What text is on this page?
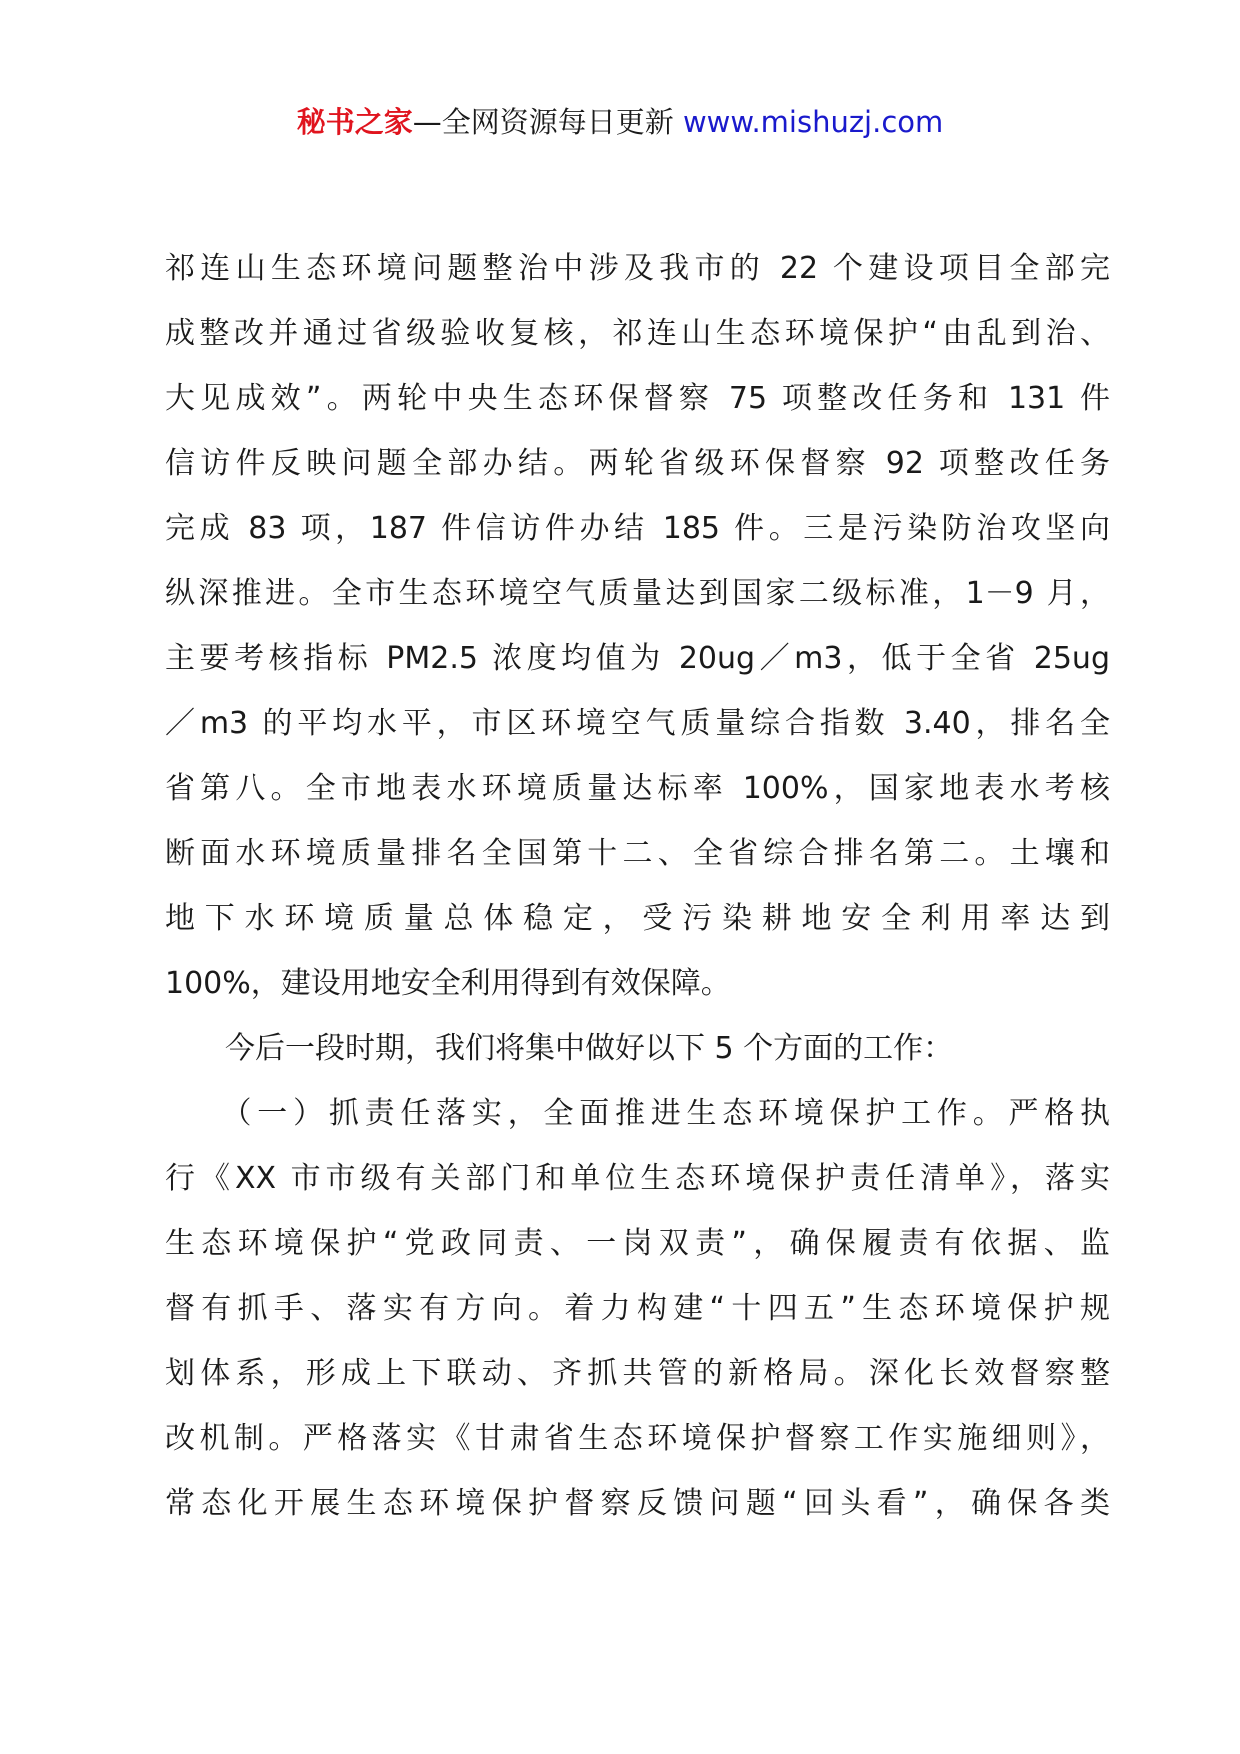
秘书之家—全网资源每日更新 www.mishuzj.com
祁连山生态环境问题整治中涉及我市的 22 个建设项目全部完
成整改并通过省级验收复核，祁连山生态环境保护“由乱到治、
大见成效”。两轮中央生态环保督察 75 项整改任务和 131 件
信访件反映问题全部办结。两轮省级环保督察 92 项整改任务
完成 83 项，187 件信访件办结 185 件。三是污染防治攻坚向
纵深推进。全市生态环境空气质量达到国家二级标准，1－9 月，
主要考核指标 PM2.5 浓度均值为 20ug／m3，低于全省 25ug
／m3 的平均水平，市区环境空气质量综合指数 3.40，排名全
省第八。全市地表水环境质量达标率 100%，国家地表水考核
断面水环境质量排名全国第十二、全省综合排名第二。土壤和
地下水环境质量总体稳定，受污染耕地安全利用率达到
100%，建设用地安全利用得到有效保障。
　　今后一段时期，我们将集中做好以下 5 个方面的工作：
　　（一）抓责任落实，全面推进生态环境保护工作。严格执
行《XX 市市级有关部门和单位生态环境保护责任清单》，落实
生态环境保护“党政同责、一岗双责”，确保履责有依据、监
督有抓手、落实有方向。着力构建“十四五”生态环境保护规
划体系，形成上下联动、齐抓共管的新格局。深化长效督察整
改机制。严格落实《甘肃省生态环境保护督察工作实施细则》，
常态化开展生态环境保护督察反馈问题“回头看”，确保各类
